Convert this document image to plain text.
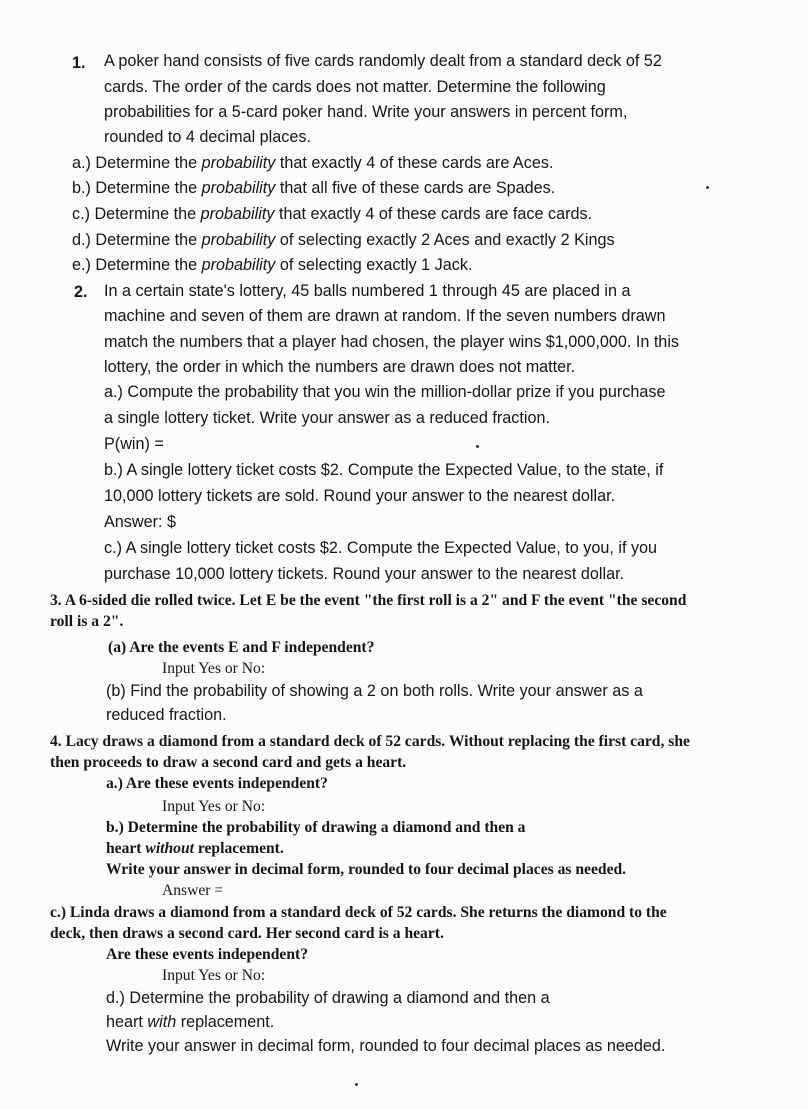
1. A poker hand consists of five cards randomly dealt from a standard deck of 52
cards. The order of the cards does not matter. Determine the following
probabilities for a 5-card poker hand. Write your answers in percent form,
rounded to 4 decimal places.
a.) Determine the probability that exactly 4 of these cards are Aces.
b.) Determine the probability that all five of these cards are Spades.
c.) Determine the probability that exactly 4 of these cards are face cards.
d.) Determine the probability of selecting exactly 2 Aces and exactly 2 Kings
e.) Determine the probability of selecting exactly 1 Jack.
2. In a certain state's lottery, 45 balls numbered 1 through 45 are placed in a
machine and seven of them are drawn at random. If the seven numbers drawn
match the numbers that a player had chosen, the player wins $1,000,000. In this
lottery, the order in which the numbers are drawn does not matter.
a.) Compute the probability that you win the million-dollar prize if you purchase
a single lottery ticket. Write your answer as a reduced fraction.
P(win) =
b.) A single lottery ticket costs $2. Compute the Expected Value, to the state, if
10,000 lottery tickets are sold. Round your answer to the nearest dollar.
Answer: $
c.) A single lottery ticket costs $2. Compute the Expected Value, to you, if you
purchase 10,000 lottery tickets. Round your answer to the nearest dollar.
3. A 6-sided die rolled twice. Let E be the event "the first roll is a 2" and F the event "the second
roll is a 2".
(a) Are the events E and F independent?
Input Yes or No:
(b) Find the probability of showing a 2 on both rolls. Write your answer as a
reduced fraction.
4. Lacy draws a diamond from a standard deck of 52 cards. Without replacing the first card, she
then proceeds to draw a second card and gets a heart.
a.) Are these events independent?
Input Yes or No:
b.) Determine the probability of drawing a diamond and then a
heart without replacement.
Write your answer in decimal form, rounded to four decimal places as needed.
Answer =
c.) Linda draws a diamond from a standard deck of 52 cards. She returns the diamond to the
deck, then draws a second card. Her second card is a heart.
Are these events independent?
Input Yes or No:
d.) Determine the probability of drawing a diamond and then a
heart with replacement.
Write your answer in decimal form, rounded to four decimal places as needed.
